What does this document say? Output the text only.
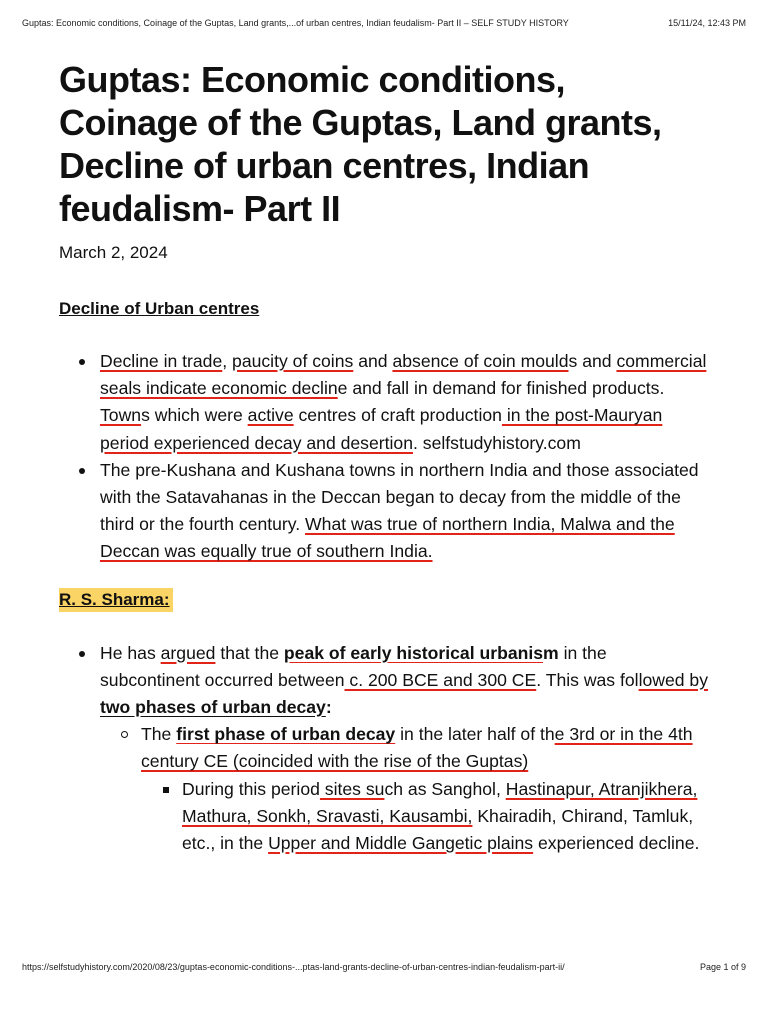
Guptas: Economic conditions, Coinage of the Guptas, Land grants,...of urban centres, Indian feudalism- Part II – SELF STUDY HISTORY	15/11/24, 12:43 PM
Guptas: Economic conditions, Coinage of the Guptas, Land grants, Decline of urban centres, Indian feudalism- Part II
March 2, 2024
Decline of Urban centres
Decline in trade, paucity of coins and absence of coin moulds and commercial seals indicate economic decline and fall in demand for finished products. Towns which were active centres of craft production in the post-Mauryan period experienced decay and desertion. selfstudyhistory.com
The pre-Kushana and Kushana towns in northern India and those associated with the Satavahanas in the Deccan began to decay from the middle of the third or the fourth century. What was true of northern India, Malwa and the Deccan was equally true of southern India.
R. S. Sharma:
He has argued that the peak of early historical urbanism in the subcontinent occurred between c. 200 BCE and 300 CE. This was followed by two phases of urban decay:
The first phase of urban decay in the later half of the 3rd or in the 4th century CE (coincided with the rise of the Guptas)
During this period sites such as Sanghol, Hastinapur, Atranjikhera, Mathura, Sonkh, Sravasti, Kausambi, Khairadih, Chirand, Tamluk, etc., in the Upper and Middle Gangetic plains experienced decline.
https://selfstudyhistory.com/2020/08/23/guptas-economic-conditions-...ptas-land-grants-decline-of-urban-centres-indian-feudalism-part-ii/	Page 1 of 9
